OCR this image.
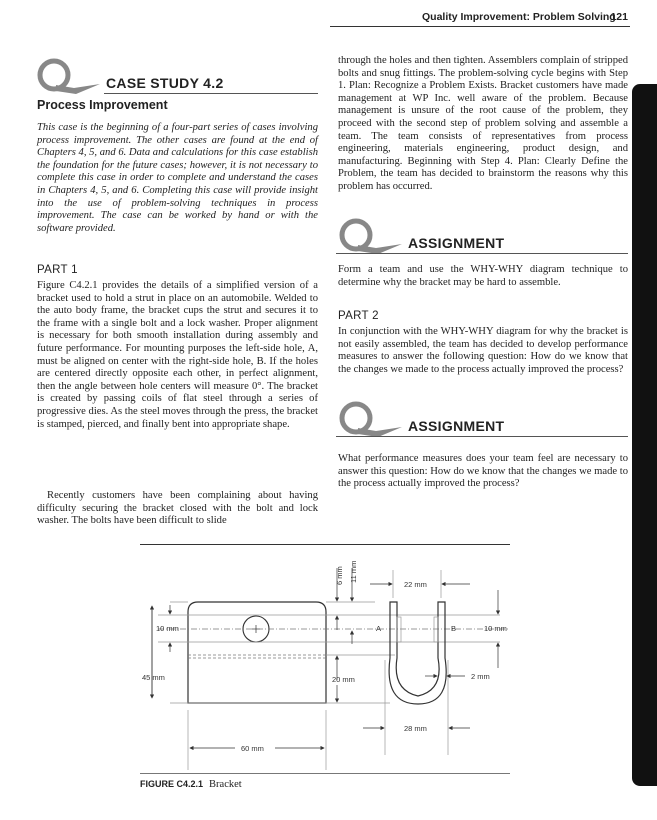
Quality Improvement: Problem Solving
121
CASE STUDY 4.2
Process Improvement

This case is the beginning of a four-part series of cases involving process improvement. The other cases are found at the end of Chapters 4, 5, and 6. Data and calculations for this case establish the foundation for the future cases; however, it is not necessary to complete this case in order to complete and understand the cases in Chapters 4, 5, and 6. Completing this case will provide insight into the use of problem-solving techniques in process improvement. The case can be worked by hand or with the software provided.

PART 1

Figure C4.2.1 provides the details of a simplified version of a bracket used to hold a strut in place on an automobile. Welded to the auto body frame, the bracket cups the strut and secures it to the frame with a single bolt and a lock washer. Proper alignment is necessary for both smooth installation during assembly and future performance. For mounting purposes the left-side hole, A, must be aligned on center with the right-side hole, B. If the holes are centered directly opposite each other, in perfect alignment, then the angle between hole centers will measure 0°. The bracket is created by passing coils of flat steel through a series of progressive dies. As the steel moves through the press, the bracket is stamped, pierced, and finally bent into appropriate shape.

Recently customers have been complaining about having difficulty securing the bracket closed with the bolt and lock washer. The bolts have been difficult to slide

through the holes and then tighten. Assemblers complain of stripped bolts and snug fittings. The problem-solving cycle begins with Step 1. Plan: Recognize a Problem Exists. Bracket customers have made management at WP Inc. well aware of the problem. Because management is unsure of the root cause of the problem, they proceed with the second step of problem solving and assemble a team. The team consists of representatives from process engineering, materials engineering, product design, and manufacturing. Beginning with Step 4. Plan: Clearly Define the Problem, the team has decided to brainstorm the reasons why this problem has occurred.

ASSIGNMENT

Form a team and use the WHY-WHY diagram technique to determine why the bracket may be hard to assemble.

PART 2

In conjunction with the WHY-WHY diagram for why the bracket is not easily assembled, the team has decided to develop performance measures to answer the following question: How do we know that the changes we made to the process actually improved the process?

ASSIGNMENT

What performance measures does your team feel are necessary to answer this question: How do we know that the changes we made to the process actually improved the process?

6 mm 11 mm
22 mm
10 mm	10 mm
A	B
45 mm	20 mm	2 mm
28 mm
60 mm
FIGURE C4.2.1 Bracket
